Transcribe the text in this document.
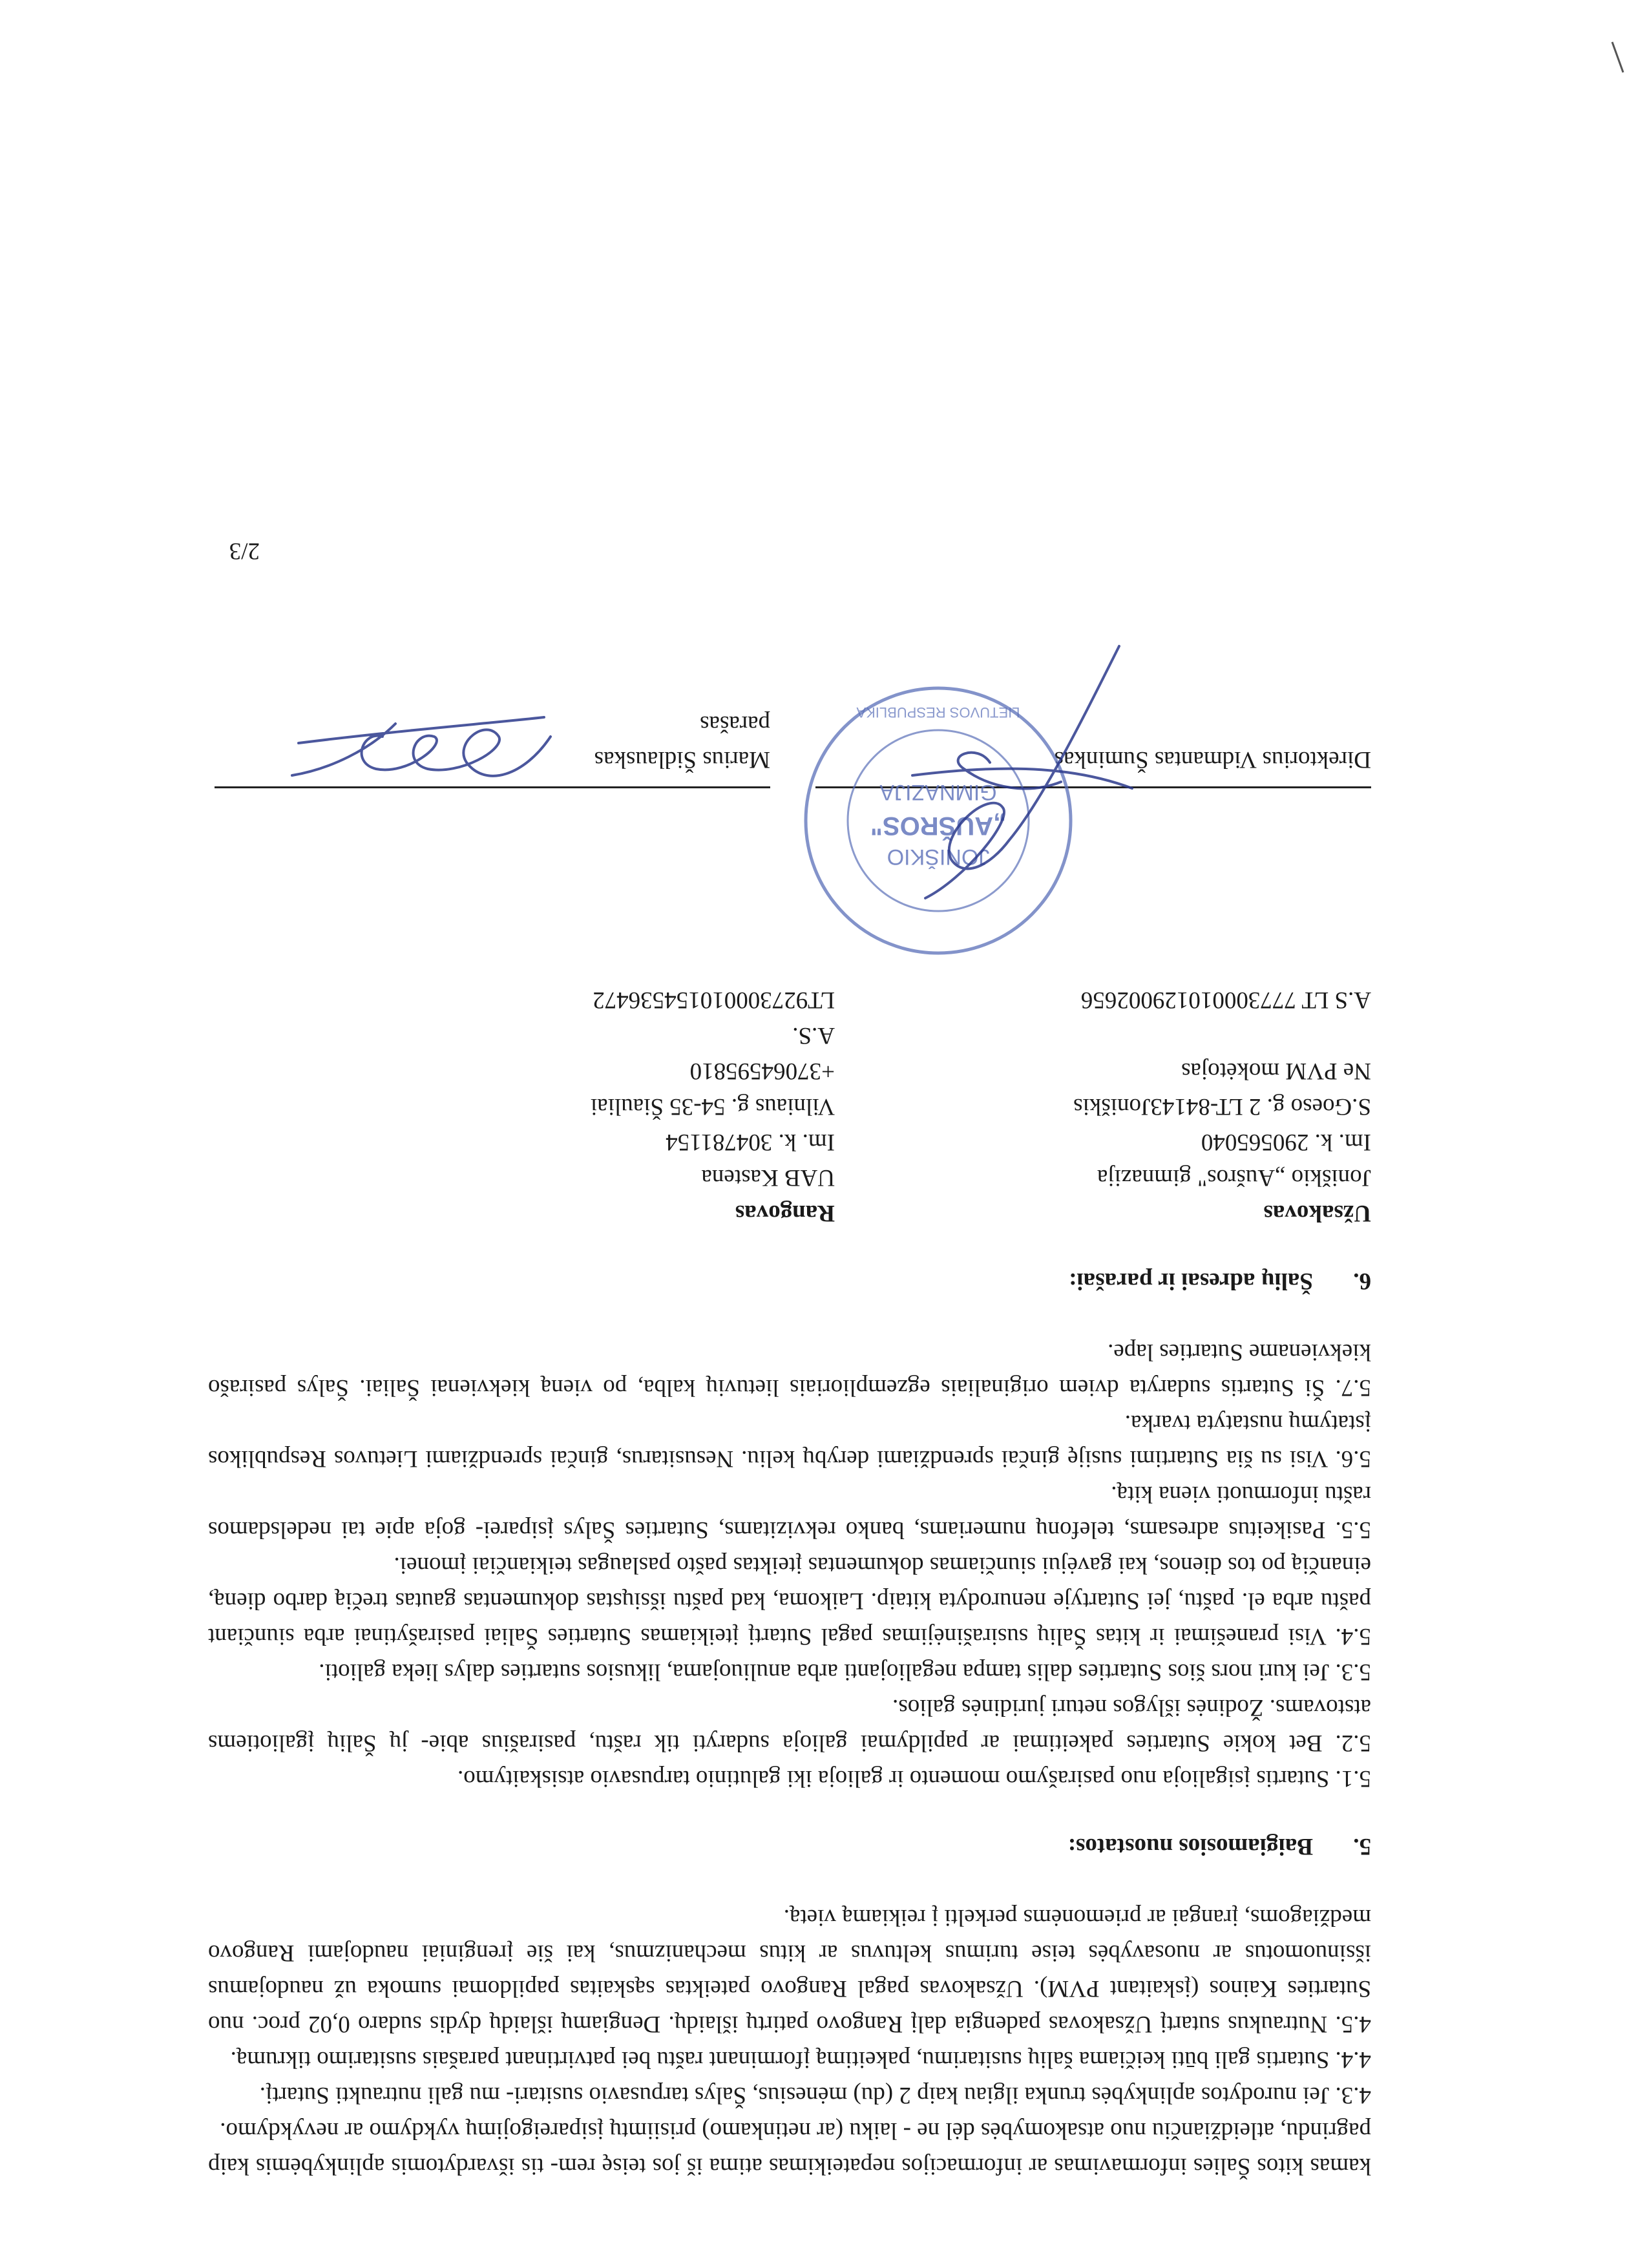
kamas kitos Šalies informavimas ar informacijos nepateikimas atima iš jos teisę rem- tis išvardytomis aplinkybėmis kaip pagrindu, atleidžiančiu nuo atsakomybės dėl ne - laiku (ar netinkamo) prisiimtų įsipareigojimų vykdymo ar nevykdymo.

4.3. Jei nurodytos aplinkybės trunka ilgiau kaip 2 (du) mėnesius, Šalys tarpusavio susitari- mu gali nutraukti Sutartį.

4.4. Sutartis gali būti keičiama šalių susitarimu, pakeitimą įforminant raštu bei patvirtinant parašais susitarimo tikrumą.

4.5. Nutraukus sutartį Užsakovas padengia dalį Rangovo patirtų išlaidų. Dengiamų išlaidų dydis sudaro 0,02 proc. nuo Sutarties Kainos (įskaitant PVM). Užsakovas pagal Rangovo pateiktas sąskaitas papildomai sumoka už naudojamus išsinuomotus ar nuosavybės teise turimus keltuvus ar kitus mechanizmus, kai šie įrenginiai naudojami Rangovo medžiagoms, įrangai ar priemonėms perkelti į reikiamą vietą.

5.Baigiamosios nuostatos:

5.1. Sutartis įsigalioja nuo pasirašymo momento ir galioja iki galutinio tarpusavio atsiskaitymo.

5.2. Bet kokie Sutarties pakeitimai ar papildymai galioja sudaryti tik raštu, pasirašius abie- jų Šalių įgaliotiems atstovams. Žodinės išlygos neturi juridinės galios.

5.3. Jei kuri nors šios Sutarties dalis tampa negaliojanti arba anuliuojama, likusios sutarties dalys lieka galioti.

5.4. Visi pranešimai ir kitas Šalių susirašinėjimas pagal Sutartį įteikiamas Sutarties Šaliai pasirašytinai arba siunčiant paštu arba el. paštu, jei Sutartyje nenurodyta kitaip. Laikoma, kad paštu išsiųstas dokumentas gautas trečią darbo dieną, einančią po tos dienos, kai gavėjui siunčiamas dokumentas įteiktas pašto paslaugas teikiančiai įmonei.

5.5. Pasikeitus adresams, telefonų numeriams, banko rekvizitams, Sutarties Šalys įsiparei- goja apie tai nedelsdamos raštu informuoti viena kitą.

5.6. Visi su šia Sutartimi susiję ginčai sprendžiami derybų keliu. Nesusitarus, ginčai sprendžiami Lietuvos Respublikos įstatymų nustatyta tvarka.

5.7. Ši Sutartis sudaryta dviem originaliais egzemplioriais lietuvių kalba, po vieną kiekvienai Šaliai. Šalys pasirašo kiekviename Sutarties lape.

6.Šalių adresai ir parašai:
Užsakovas
Joniškio „Aušros" gimnazija
Im. k. 290565040
S.Goeso g. 2 LT-84143Joniškis
Ne PVM mokėtojas
A.S LT 777300010129002656
Rangovas
UAB Kastena
Im. k. 304781154
Vilniaus g. 54-35 Šiauliai
+37064595810
A.S.
LT927300010154536472
Direktorius Vidmantas Šuminkas
Marius Šidlauskas
parašas
JONIŠKIO
„AUŠROS"
GIMNAZIJA
LIETUVOS RESPUBLIKA
2/3
